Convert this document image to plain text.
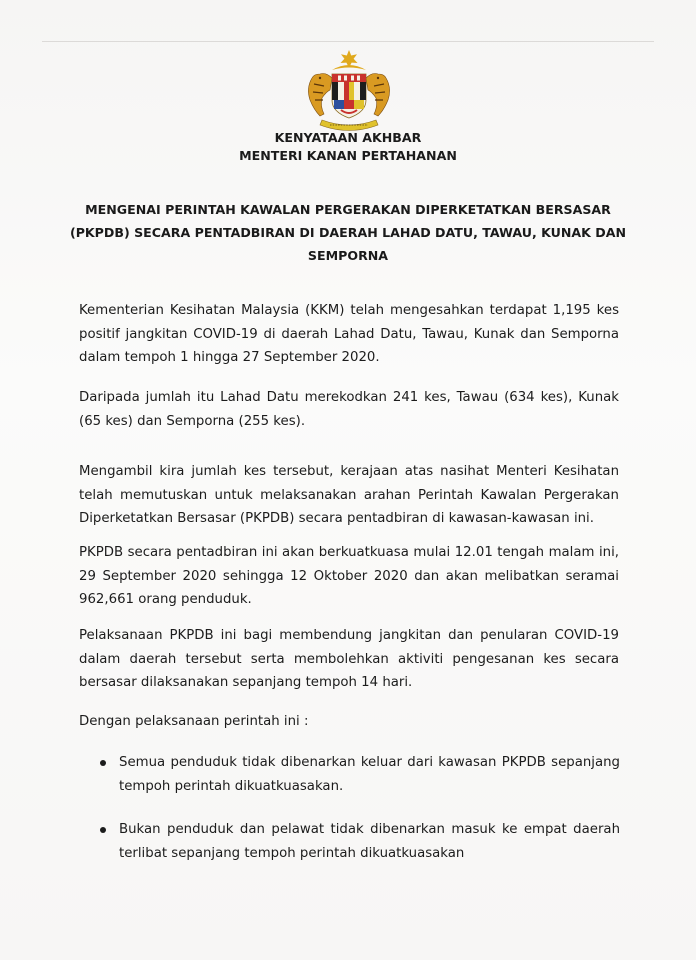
KENYATAAN AKHBAR
MENTERI KANAN PERTAHANAN
MENGENAI PERINTAH KAWALAN PERGERAKAN DIPERKETATKAN BERSASAR (PKPDB) SECARA PENTADBIRAN DI DAERAH LAHAD DATU, TAWAU, KUNAK DAN SEMPORNA

Kementerian Kesihatan Malaysia (KKM) telah mengesahkan terdapat 1,195 kes positif jangkitan COVID-19 di daerah Lahad Datu, Tawau, Kunak dan Semporna dalam tempoh 1 hingga 27 September 2020.

Daripada jumlah itu Lahad Datu merekodkan 241 kes, Tawau (634 kes), Kunak (65 kes) dan Semporna (255 kes).

Mengambil kira jumlah kes tersebut, kerajaan atas nasihat Menteri Kesihatan telah memutuskan untuk melaksanakan arahan Perintah Kawalan Pergerakan Diperketatkan Bersasar (PKPDB) secara pentadbiran di kawasan-kawasan ini.

PKPDB secara pentadbiran ini akan berkuatkuasa mulai 12.01 tengah malam ini, 29 September 2020 sehingga 12 Oktober 2020 dan akan melibatkan seramai 962,661 orang penduduk.

Pelaksanaan PKPDB ini bagi membendung jangkitan dan penularan COVID-19 dalam daerah tersebut serta membolehkan aktiviti pengesanan kes secara bersasar dilaksanakan sepanjang tempoh 14 hari.

Dengan pelaksanaan perintah ini :

Semua penduduk tidak dibenarkan keluar dari kawasan PKPDB sepanjang tempoh perintah dikuatkuasakan.
Bukan penduduk dan pelawat tidak dibenarkan masuk ke empat daerah terlibat sepanjang tempoh perintah dikuatkuasakan
